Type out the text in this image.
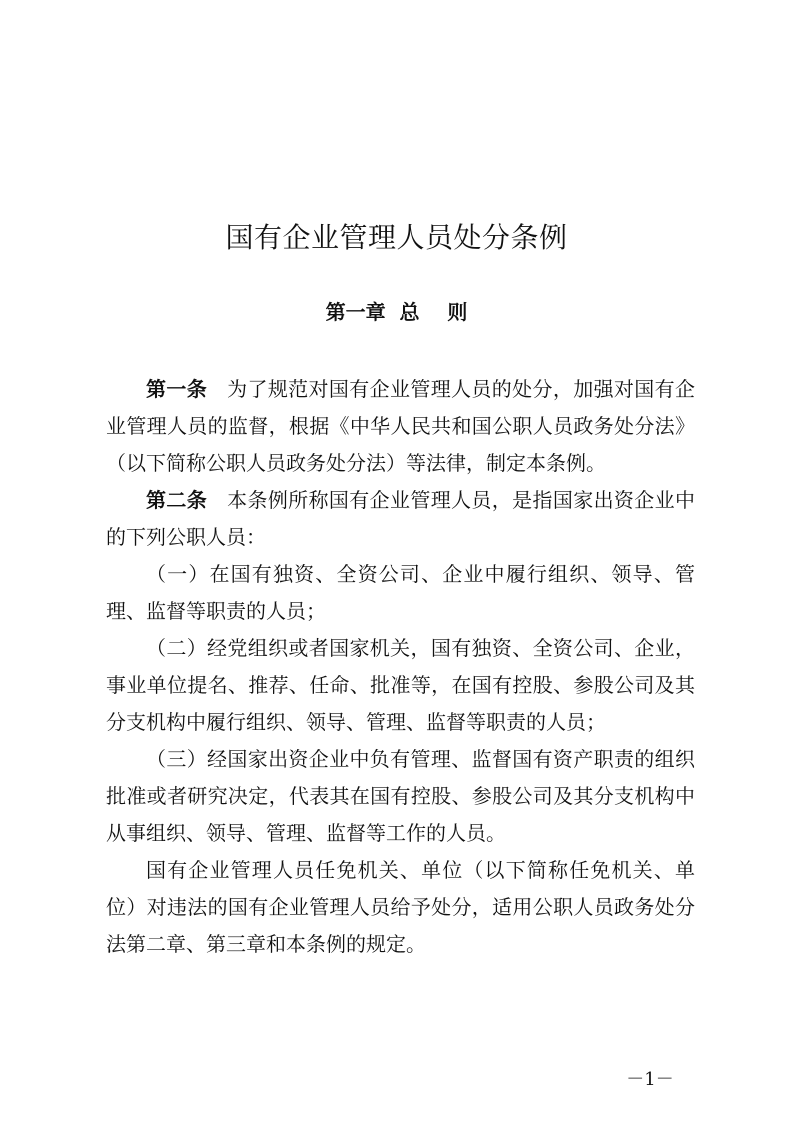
国有企业管理人员处分条例
第一章  总    则

第一条 为了规范对国有企业管理人员的处分，加强对国有企业管理人员的监督，根据《中华人民共和国公职人员政务处分法》（以下简称公职人员政务处分法）等法律，制定本条例。

第二条 本条例所称国有企业管理人员，是指国家出资企业中的下列公职人员：

（一）在国有独资、全资公司、企业中履行组织、领导、管理、监督等职责的人员；

（二）经党组织或者国家机关，国有独资、全资公司、企业，事业单位提名、推荐、任命、批准等，在国有控股、参股公司及其分支机构中履行组织、领导、管理、监督等职责的人员；

（三）经国家出资企业中负有管理、监督国有资产职责的组织批准或者研究决定，代表其在国有控股、参股公司及其分支机构中从事组织、领导、管理、监督等工作的人员。

国有企业管理人员任免机关、单位（以下简称任免机关、单位）对违法的国有企业管理人员给予处分，适用公职人员政务处分法第二章、第三章和本条例的规定。

－1－
